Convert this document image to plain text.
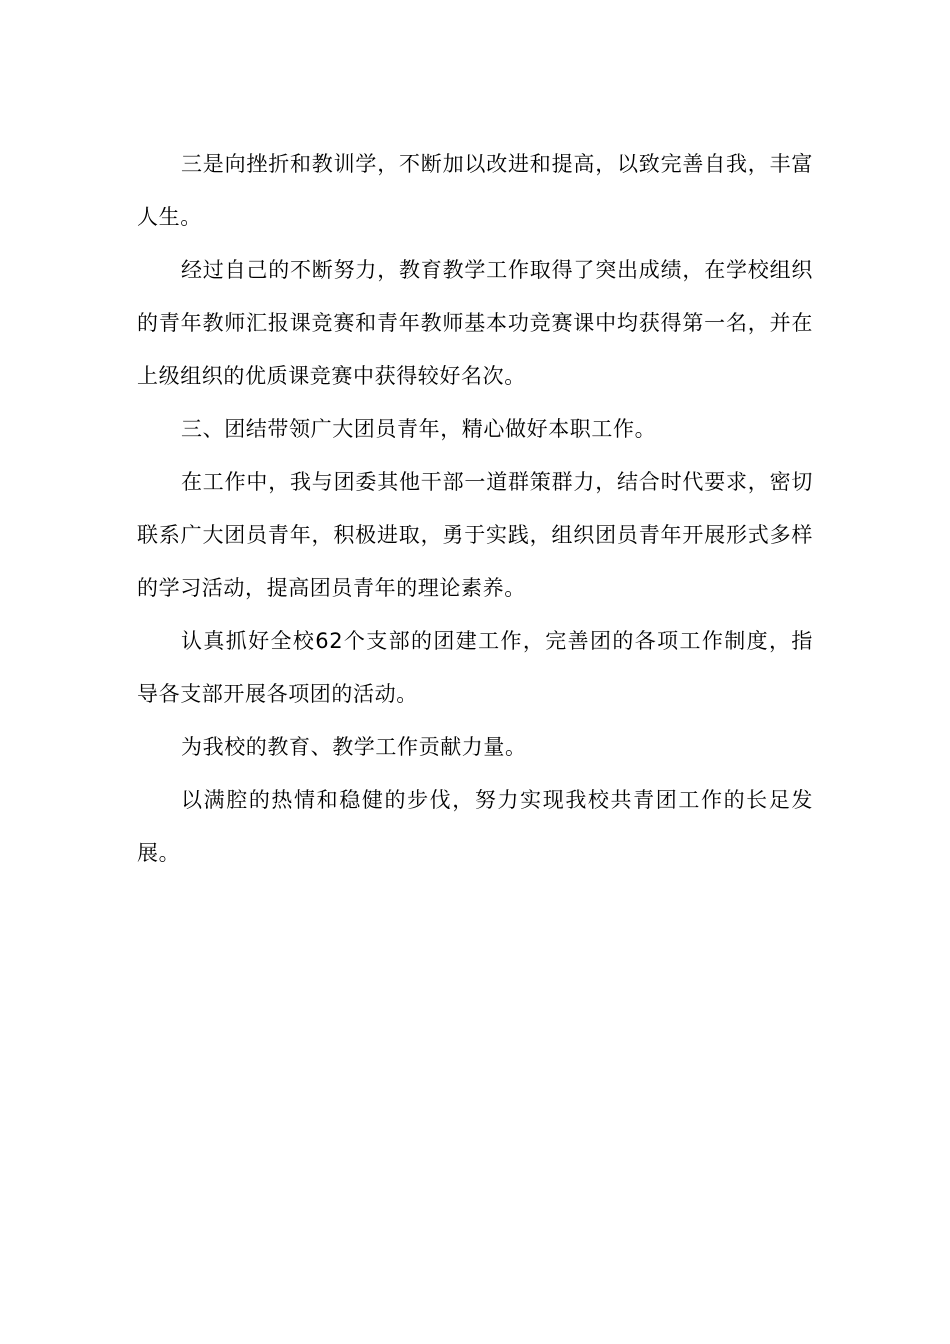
三是向挫折和教训学，不断加以改进和提高，以致完善自我，丰富人生。

经过自己的不断努力，教育教学工作取得了突出成绩，在学校组织的青年教师汇报课竞赛和青年教师基本功竞赛课中均获得第一名，并在上级组织的优质课竞赛中获得较好名次。

三、团结带领广大团员青年，精心做好本职工作。

在工作中，我与团委其他干部一道群策群力，结合时代要求，密切联系广大团员青年，积极进取，勇于实践，组织团员青年开展形式多样的学习活动，提高团员青年的理论素养。

认真抓好全校62个支部的团建工作，完善团的各项工作制度，指导各支部开展各项团的活动。

为我校的教育、教学工作贡献力量。

以满腔的热情和稳健的步伐，努力实现我校共青团工作的长足发展。
